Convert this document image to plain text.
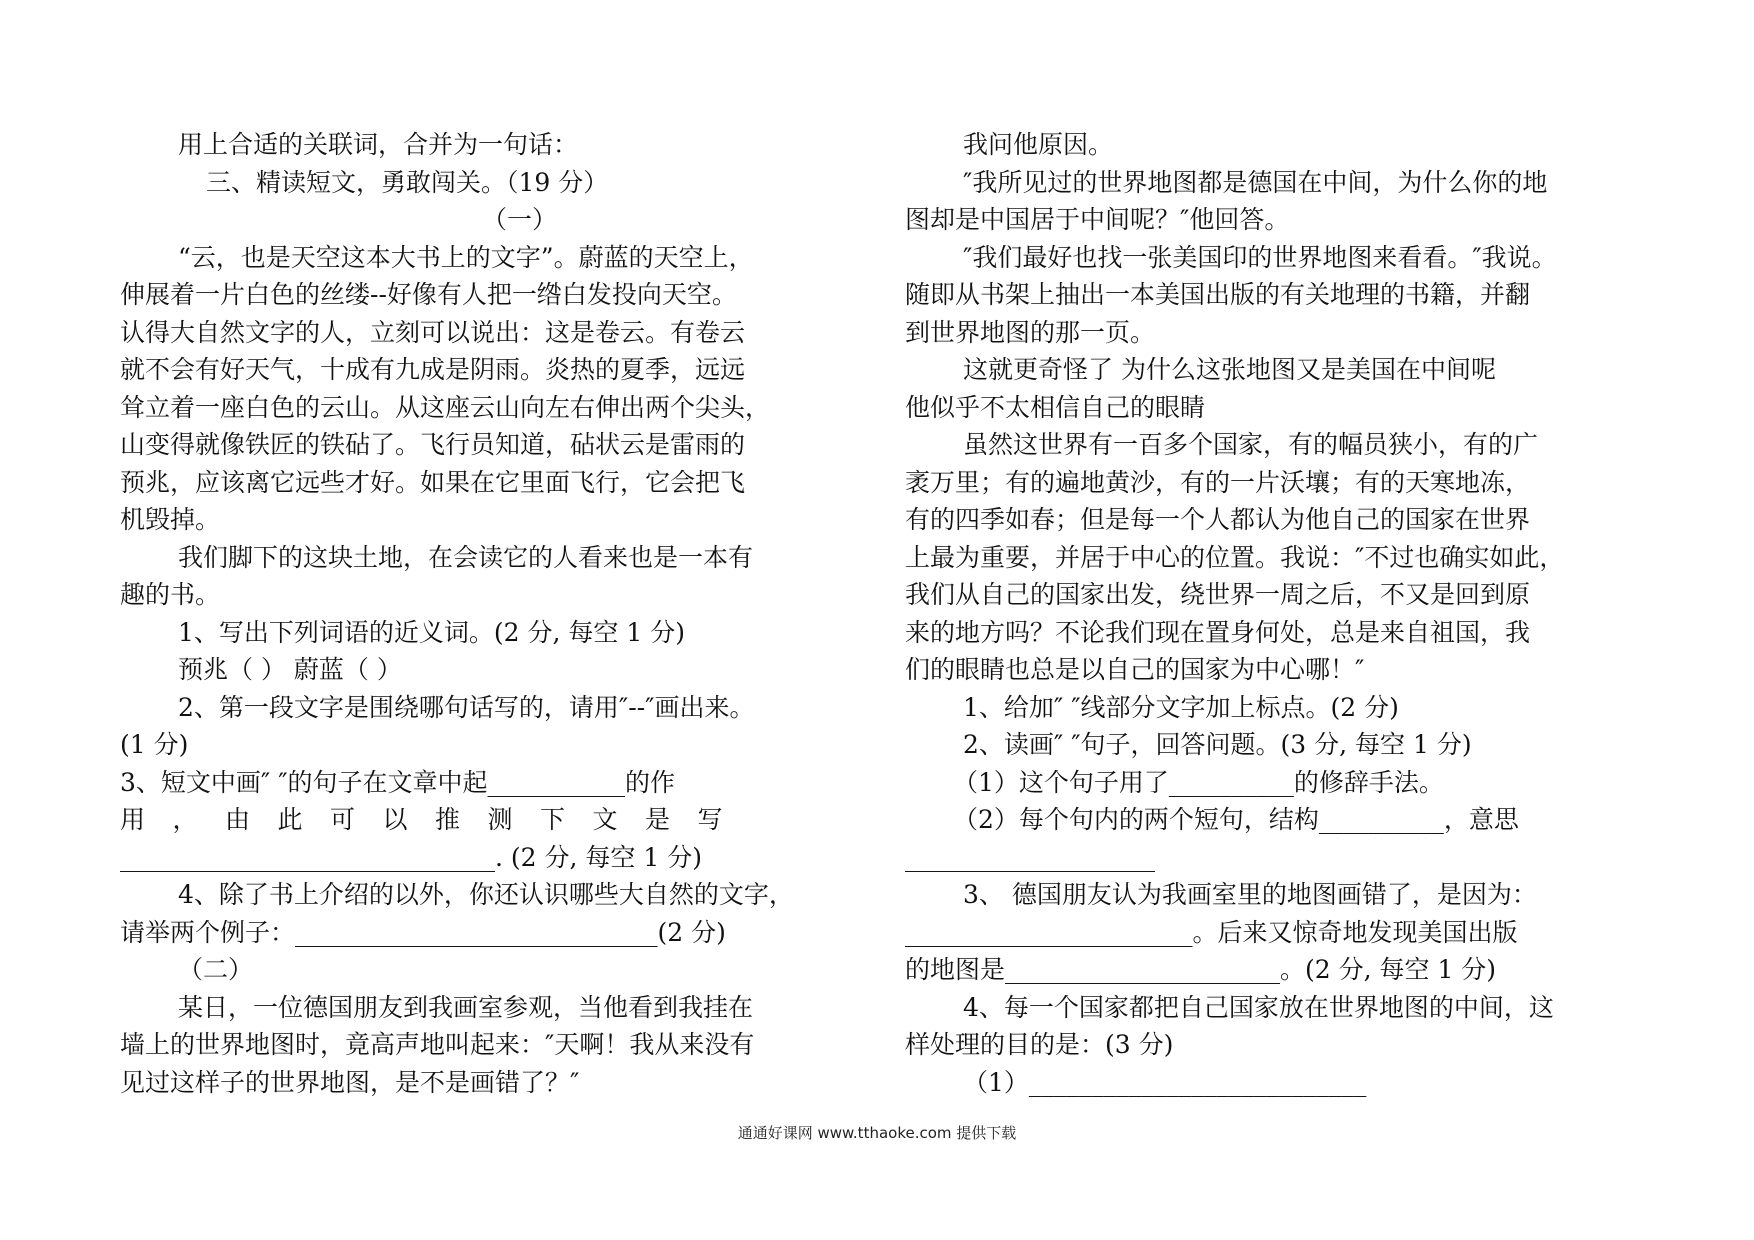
用上合适的关联词，合并为一句话：
三、精读短文，勇敢闯关。（19 分）
（一）
“云，也是天空这本大书上的文字”。蔚蓝的天空上，
伸展着一片白色的丝缕--好像有人把一绺白发投向天空。
认得大自然文字的人，立刻可以说出：这是卷云。有卷云
就不会有好天气，十成有九成是阴雨。炎热的夏季，远远
耸立着一座白色的云山。从这座云山向左右伸出两个尖头，
山变得就像铁匠的铁砧了。飞行员知道，砧状云是雷雨的
预兆，应该离它远些才好。如果在它里面飞行，它会把飞
机毁掉。
我们脚下的这块土地，在会读它的人看来也是一本有
趣的书。
1、写出下列词语的近义词。(2 分, 每空 1 分)
预兆（ ） 蔚蓝（ ）
2、第一段文字是围绕哪句话写的，请用″--″画出来。
(1 分)
3、短文中画″ ″的句子在文章中起___________的作
用，由此可以推测下文是写
______________________________. (2 分, 每空 1 分)
4、除了书上介绍的以外，你还认识哪些大自然的文字，
请举两个例子：_____________________________(2 分)
（二）
某日，一位德国朋友到我画室参观，当他看到我挂在
墙上的世界地图时，竟高声地叫起来：″天啊！我从来没有
见过这样子的世界地图，是不是画错了？″
我问他原因。
″我所见过的世界地图都是德国在中间，为什么你的地
图却是中国居于中间呢？″他回答。
″我们最好也找一张美国印的世界地图来看看。″我说。
随即从书架上抽出一本美国出版的有关地理的书籍，并翻
到世界地图的那一页。
这就更奇怪了 为什么这张地图又是美国在中间呢
他似乎不太相信自己的眼睛
虽然这世界有一百多个国家，有的幅员狭小，有的广
袤万里；有的遍地黄沙，有的一片沃壤；有的天寒地冻，
有的四季如春；但是每一个人都认为他自己的国家在世界
上最为重要，并居于中心的位置。我说：″不过也确实如此，
我们从自己的国家出发，绕世界一周之后，不又是回到原
来的地方吗？不论我们现在置身何处，总是来自祖国，我
们的眼睛也总是以自己的国家为中心哪！″
1、给加″ ″线部分文字加上标点。(2 分)
2、读画″ ″句子，回答问题。(3 分, 每空 1 分)
（1）这个句子用了__________的修辞手法。
（2）每个句内的两个短句，结构__________，意思
____________________
3、 德国朋友认为我画室里的地图画错了，是因为：
_______________________。后来又惊奇地发现美国出版
的地图是______________________。(2 分, 每空 1 分)
4、每一个国家都把自己国家放在世界地图的中间，这
样处理的目的是：(3 分)
（1）___________________________
通通好课网 www.tthaoke.com 提供下载
